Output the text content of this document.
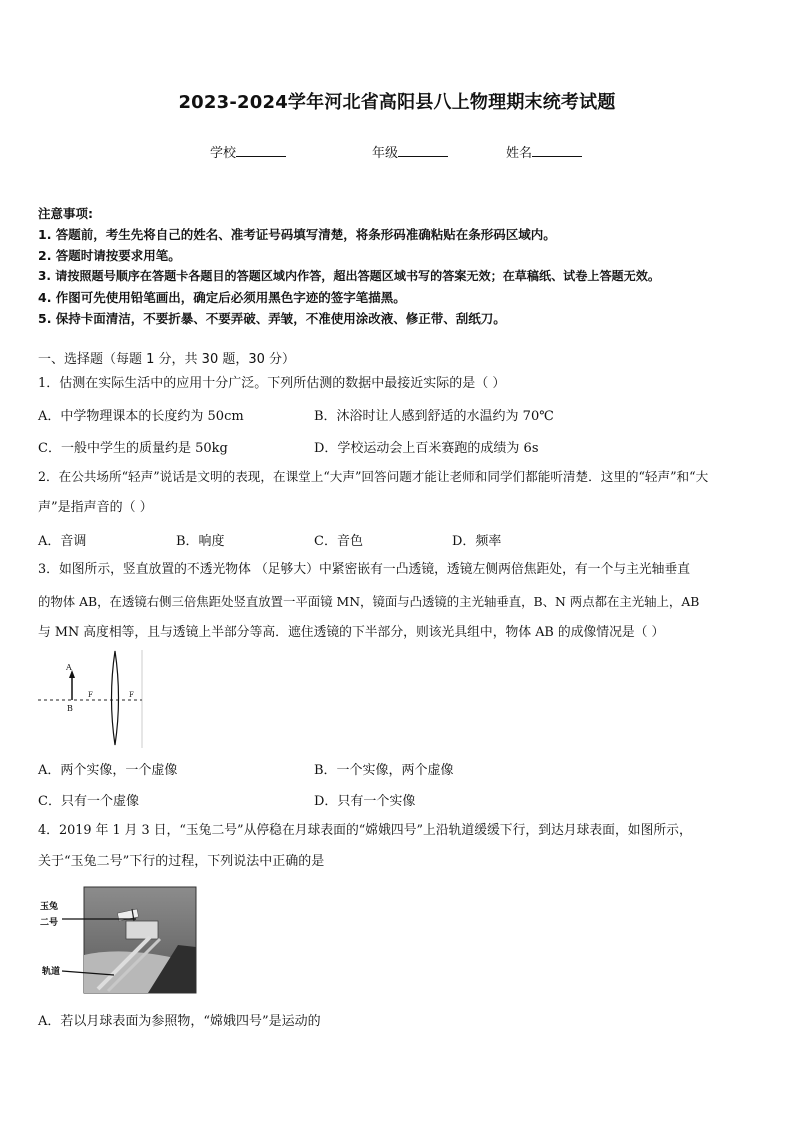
2023-2024学年河北省高阳县八上物理期末统考试题
学校	年级	姓名
注意事项:
1. 答题前，考生先将自己的姓名、准考证号码填写清楚，将条形码准确粘贴在条形码区域内。
2. 答题时请按要求用笔。
3. 请按照题号顺序在答题卡各题目的答题区域内作答，超出答题区域书写的答案无效；在草稿纸、试卷上答题无效。
4. 作图可先使用铅笔画出，确定后必须用黑色字迹的签字笔描黑。
5. 保持卡面清洁，不要折暴、不要弄破、弄皱，不准使用涂改液、修正带、刮纸刀。
一、选择题（每题 1 分，共 30 题，30 分）
1．估测在实际生活中的应用十分广泛。下列所估测的数据中最接近实际的是（ ）
A．中学物理课本的长度约为 50cm	B．沐浴时让人感到舒适的水温约为 70℃
C．一般中学生的质量约是 50kg	D．学校运动会上百米赛跑的成绩为 6s
2．在公共场所“轻声”说话是文明的表现，在课堂上“大声”回答问题才能让老师和同学们都能听清楚．这里的“轻声”和“大
声”是指声音的（ ）
A．音调	B．响度	C．音色	D．频率
3．如图所示，竖直放置的不透光物体 （足够大）中紧密嵌有一凸透镜，透镜左侧两倍焦距处，有一个与主光轴垂直
的物体 AB，在透镜右侧三倍焦距处竖直放置一平面镜 MN，镜面与凸透镜的主光轴垂直，B、N 两点都在主光轴上，AB
与 MN 高度相等，且与透镜上半部分等高．遮住透镜的下半部分，则该光具组中，物体 AB 的成像情况是（ ）
A
B
F	F
A．两个实像，一个虚像	B．一个实像，两个虚像
C．只有一个虚像	D．只有一个实像
4．2019 年 1 月 3 日，“玉兔二号”从停稳在月球表面的“嫦娥四号”上沿轨道缓缓下行，到达月球表面，如图所示，
关于“玉兔二号”下行的过程，下列说法中正确的是
玉兔
二号
轨道
A．若以月球表面为参照物，“嫦娥四号”是运动的
